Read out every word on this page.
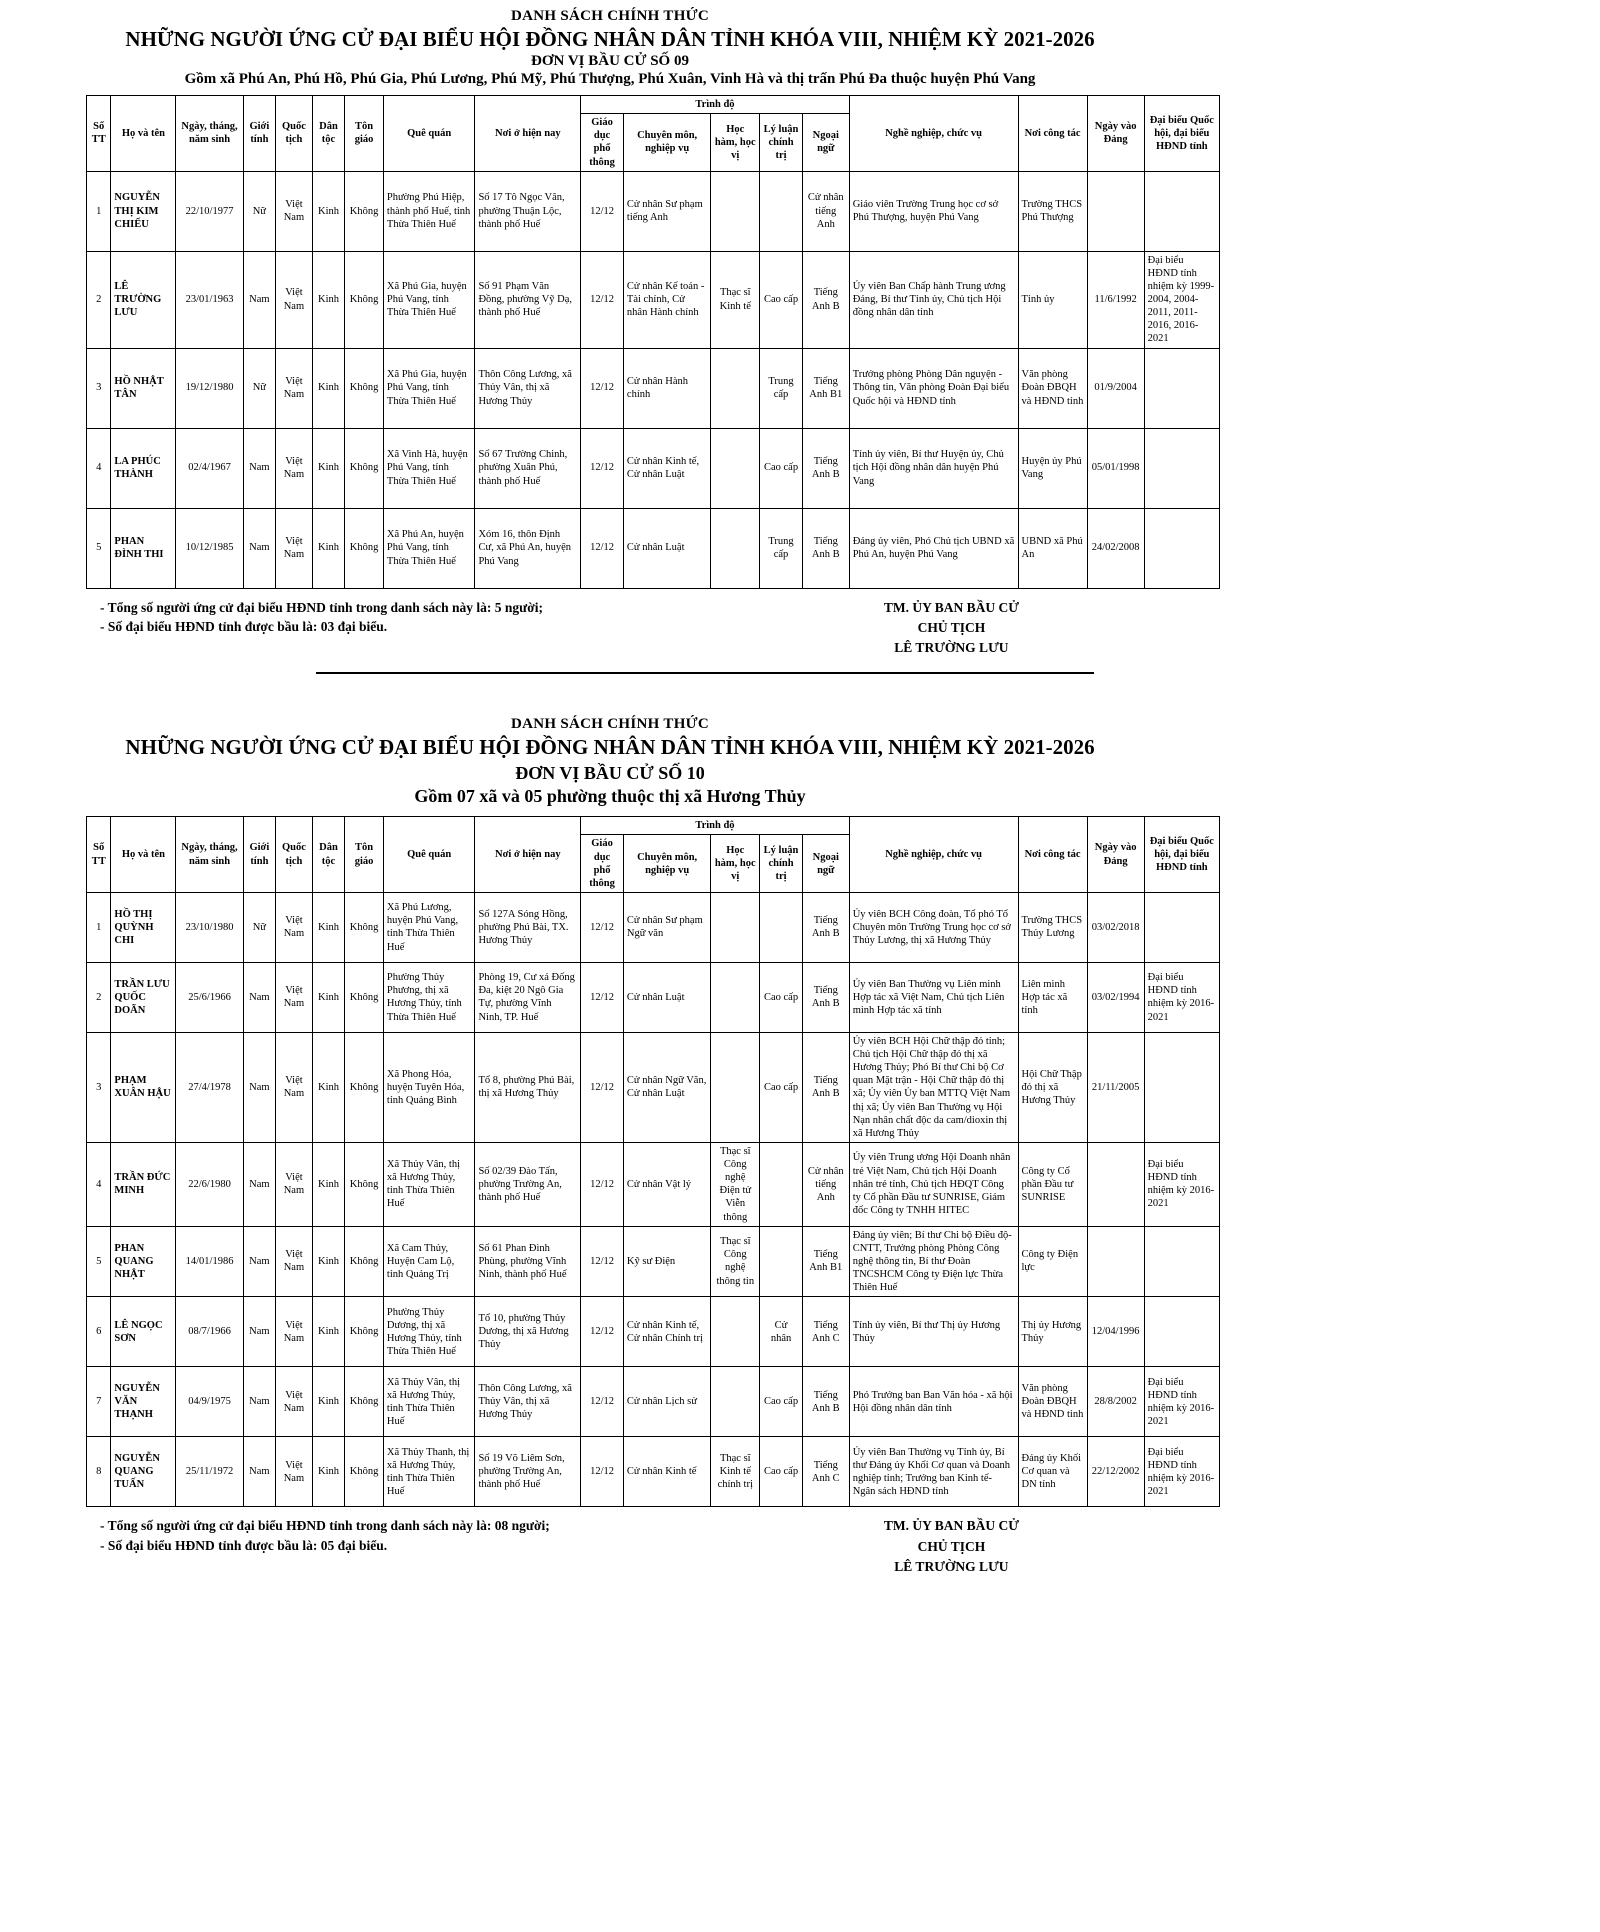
DANH SÁCH CHÍNH THỨC
NHỮNG NGƯỜI ỨNG CỬ ĐẠI BIỂU HỘI ĐỒNG NHÂN DÂN TỈNH KHÓA VIII, NHIỆM KỲ 2021-2026
ĐƠN VỊ BẦU CỬ SỐ 09
Gồm xã Phú An, Phú Hồ, Phú Gia, Phú Lương, Phú Mỹ, Phú Thượng, Phú Xuân, Vinh Hà và thị trấn Phú Đa thuộc huyện Phú Vang
Số TT	Họ và tên	Ngày, tháng, năm sinh	Giới tính	Quốc tịch	Dân tộc	Tôn giáo	Quê quán	Nơi ở hiện nay	Trình độ					Nghề nghiệp, chức vụ	Nơi công tác	Ngày vào Đảng	Đại biểu Quốc hội, đại biểu HĐND tỉnh
									Giáo dục phổ thông	Chuyên môn, nghiệp vụ	Học hàm, học vị	Lý luận chính trị	Ngoại ngữ				
1	NGUYỄN THỊ KIM CHIẾU	22/10/1977	Nữ	Việt Nam	Kinh	Không	Phường Phú Hiệp, thành phố Huế, tỉnh Thừa Thiên Huế	Số 17 Tô Ngọc Vân, phường Thuận Lộc, thành phố Huế	12/12	Cử nhân Sư phạm tiếng Anh			Cử nhân tiếng Anh	Giáo viên Trường Trung học cơ sở Phú Thượng, huyện Phú Vang	Trường THCS Phú Thượng		
2	LÊ TRƯỜNG LƯU	23/01/1963	Nam	Việt Nam	Kinh	Không	Xã Phú Gia, huyện Phú Vang, tỉnh Thừa Thiên Huế	Số 91 Phạm Văn Đồng, phường Vỹ Dạ, thành phố Huế	12/12	Cử nhân Kế toán -Tài chính, Cử nhân Hành chính	Thạc sĩ Kinh tế	Cao cấp	Tiếng Anh B	Ủy viên Ban Chấp hành Trung ương Đảng, Bí thư Tỉnh ủy, Chủ tịch Hội đồng nhân dân tỉnh	Tỉnh ủy	11/6/1992	Đại biểu HĐND tỉnh nhiệm kỳ 1999-2004, 2004-2011, 2011-2016, 2016-2021
3	HỒ NHẬT TÂN	19/12/1980	Nữ	Việt Nam	Kinh	Không	Xã Phú Gia, huyện Phú Vang, tỉnh Thừa Thiên Huế	Thôn Công Lương, xã Thủy Vân, thị xã Hương Thủy	12/12	Cử nhân Hành chính		Trung cấp	Tiếng Anh B1	Trưởng phòng Phòng Dân nguyện - Thông tin, Văn phòng Đoàn Đại biểu Quốc hội và HĐND tỉnh	Văn phòng Đoàn ĐBQH và HĐND tỉnh	01/9/2004	
4	LA PHÚC THÀNH	02/4/1967	Nam	Việt Nam	Kinh	Không	Xã Vinh Hà, huyện Phú Vang, tỉnh Thừa Thiên Huế	Số 67 Trường Chinh, phường Xuân Phú, thành phố Huế	12/12	Cử nhân Kinh tế, Cử nhân Luật		Cao cấp	Tiếng Anh B	Tỉnh ủy viên, Bí thư Huyện ủy, Chủ tịch Hội đồng nhân dân huyện Phú Vang	Huyện ủy Phú Vang	05/01/1998	
5	PHAN ĐÌNH THI	10/12/1985	Nam	Việt Nam	Kinh	Không	Xã Phú An, huyện Phú Vang, tỉnh Thừa Thiên Huế	Xóm 16, thôn Định Cư, xã Phú An, huyện Phú Vang	12/12	Cử nhân Luật		Trung cấp	Tiếng Anh B	Đảng ủy viên, Phó Chủ tịch UBND xã Phú An, huyện Phú Vang	UBND xã Phú An	24/02/2008	
- Tổng số người ứng cử đại biểu HĐND tỉnh trong danh sách này là: 5 người;
- Số đại biểu HĐND tỉnh được bầu là: 03 đại biểu.
TM. ỦY BAN BẦU CỬ
CHỦ TỊCH
LÊ TRƯỜNG LƯU
DANH SÁCH CHÍNH THỨC
NHỮNG NGƯỜI ỨNG CỬ ĐẠI BIỂU HỘI ĐỒNG NHÂN DÂN TỈNH KHÓA VIII, NHIỆM KỲ 2021-2026
ĐƠN VỊ BẦU CỬ SỐ 10
Gồm 07 xã và 05 phường thuộc thị xã Hương Thủy
Số TT	Họ và tên	Ngày, tháng, năm sinh	Giới tính	Quốc tịch	Dân tộc	Tôn giáo	Quê quán	Nơi ở hiện nay	Trình độ					Nghề nghiệp, chức vụ	Nơi công tác	Ngày vào Đảng	Đại biểu Quốc hội, đại biểu HĐND tỉnh
									Giáo dục phổ thông	Chuyên môn, nghiệp vụ	Học hàm, học vị	Lý luận chính trị	Ngoại ngữ				
1	HỒ THỊ QUỲNH CHI	23/10/1980	Nữ	Việt Nam	Kinh	Không	Xã Phú Lương, huyện Phú Vang, tỉnh Thừa Thiên Huế	Số 127A Sóng Hồng, phường Phú Bài, TX. Hương Thủy	12/12	Cử nhân Sư phạm Ngữ văn			Tiếng Anh B	Ủy viên BCH Công đoàn, Tổ phó Tổ Chuyên môn Trường Trung học cơ sở Thủy Lương, thị xã Hương Thủy	Trường THCS Thủy Lương	03/02/2018	
2	TRẦN LƯU QUỐC DOÃN	25/6/1966	Nam	Việt Nam	Kinh	Không	Phường Thủy Phương, thị xã Hương Thủy, tỉnh Thừa Thiên Huế	Phòng 19, Cư xá Đống Đa, kiệt 20 Ngô Gia Tự, phường Vĩnh Ninh, TP. Huế	12/12	Cử nhân Luật		Cao cấp	Tiếng Anh B	Ủy viên Ban Thường vụ Liên minh Hợp tác xã Việt Nam, Chủ tịch Liên minh Hợp tác xã tỉnh	Liên minh Hợp tác xã tỉnh	03/02/1994	Đại biểu HĐND tỉnh nhiệm kỳ 2016-2021
3	PHẠM XUÂN HẬU	27/4/1978	Nam	Việt Nam	Kinh	Không	Xã Phong Hóa, huyện Tuyên Hóa, tỉnh Quảng Bình	Tổ 8, phường Phú Bài, thị xã Hương Thủy	12/12	Cử nhân Ngữ Văn, Cử nhân Luật		Cao cấp	Tiếng Anh B	Ủy viên BCH Hội Chữ thập đỏ tỉnh; Chủ tịch Hội Chữ thập đỏ thị xã Hương Thủy; Phó Bí thư Chi bộ Cơ quan Mặt trận - Hội Chữ thập đỏ thị xã; Ủy viên Ủy ban MTTQ Việt Nam thị xã; Ủy viên Ban Thường vụ Hội Nạn nhân chất độc da cam/dioxin thị xã Hương Thủy	Hội Chữ Thập đỏ thị xã Hương Thủy	21/11/2005	
4	TRẦN ĐỨC MINH	22/6/1980	Nam	Việt Nam	Kinh	Không	Xã Thủy Vân, thị xã Hương Thủy, tỉnh Thừa Thiên Huế	Số 02/39 Đào Tấn, phường Trường An, thành phố Huế	12/12	Cử nhân Vật lý	Thạc sĩ Công nghệ Điện tử Viễn thông		Cử nhân tiếng Anh	Ủy viên Trung ương Hội Doanh nhân trẻ Việt Nam, Chủ tịch Hội Doanh nhân trẻ tỉnh, Chủ tịch HĐQT Công ty Cổ phần Đầu tư SUNRISE, Giám đốc Công ty TNHH HITEC	Công ty Cổ phần Đầu tư SUNRISE		Đại biểu HĐND tỉnh nhiệm kỳ 2016-2021
5	PHAN QUANG NHẬT	14/01/1986	Nam	Việt Nam	Kinh	Không	Xã Cam Thủy, Huyện Cam Lộ, tỉnh Quảng Trị	Số 61 Phan Đình Phùng, phường Vĩnh Ninh, thành phố Huế	12/12	Kỹ sư Điện	Thạc sĩ Công nghệ thông tin		Tiếng Anh B1	Đảng ủy viên; Bí thư Chi bộ Điều độ-CNTT, Trưởng phòng Phòng Công nghệ thông tin, Bí thư Đoàn TNCSHCM Công ty Điện lực Thừa Thiên Huế	Công ty Điện lực		
6	LÊ NGỌC SƠN	08/7/1966	Nam	Việt Nam	Kinh	Không	Phường Thủy Dương, thị xã Hương Thủy, tỉnh Thừa Thiên Huế	Tổ 10, phường Thủy Dương, thị xã Hương Thủy	12/12	Cử nhân Kinh tế, Cử nhân Chính trị		Cử nhân	Tiếng Anh C	Tỉnh ủy viên, Bí thư Thị ủy Hương Thủy	Thị ủy Hương Thủy	12/04/1996	
7	NGUYỄN VĂN THẠNH	04/9/1975	Nam	Việt Nam	Kinh	Không	Xã Thủy Vân, thị xã Hương Thủy, tỉnh Thừa Thiên Huế	Thôn Công Lương, xã Thủy Vân, thị xã Hương Thủy	12/12	Cử nhân Lịch sử		Cao cấp	Tiếng Anh B	Phó Trưởng ban Ban Văn hóa - xã hội Hội đồng nhân dân tỉnh	Văn phòng Đoàn ĐBQH và HĐND tỉnh	28/8/2002	Đại biểu HĐND tỉnh nhiệm kỳ 2016-2021
8	NGUYỄN QUANG TUẤN	25/11/1972	Nam	Việt Nam	Kinh	Không	Xã Thủy Thanh, thị xã Hương Thủy, tỉnh Thừa Thiên Huế	Số 19 Võ Liêm Sơn, phường Trường An, thành phố Huế	12/12	Cử nhân Kinh tế	Thạc sĩ Kinh tế chính trị	Cao cấp	Tiếng Anh C	Ủy viên Ban Thường vụ Tỉnh ủy, Bí thư Đảng ủy Khối Cơ quan và Doanh nghiệp tỉnh; Trưởng ban Kinh tế-Ngân sách HĐND tỉnh	Đảng ủy Khối Cơ quan và DN tỉnh	22/12/2002	Đại biểu HĐND tỉnh nhiệm kỳ 2016-2021
- Tổng số người ứng cử đại biểu HĐND tỉnh trong danh sách này là: 08 người;
- Số đại biểu HĐND tỉnh được bầu là: 05 đại biểu.
TM. ỦY BAN BẦU CỬ
CHỦ TỊCH
LÊ TRƯỜNG LƯU
